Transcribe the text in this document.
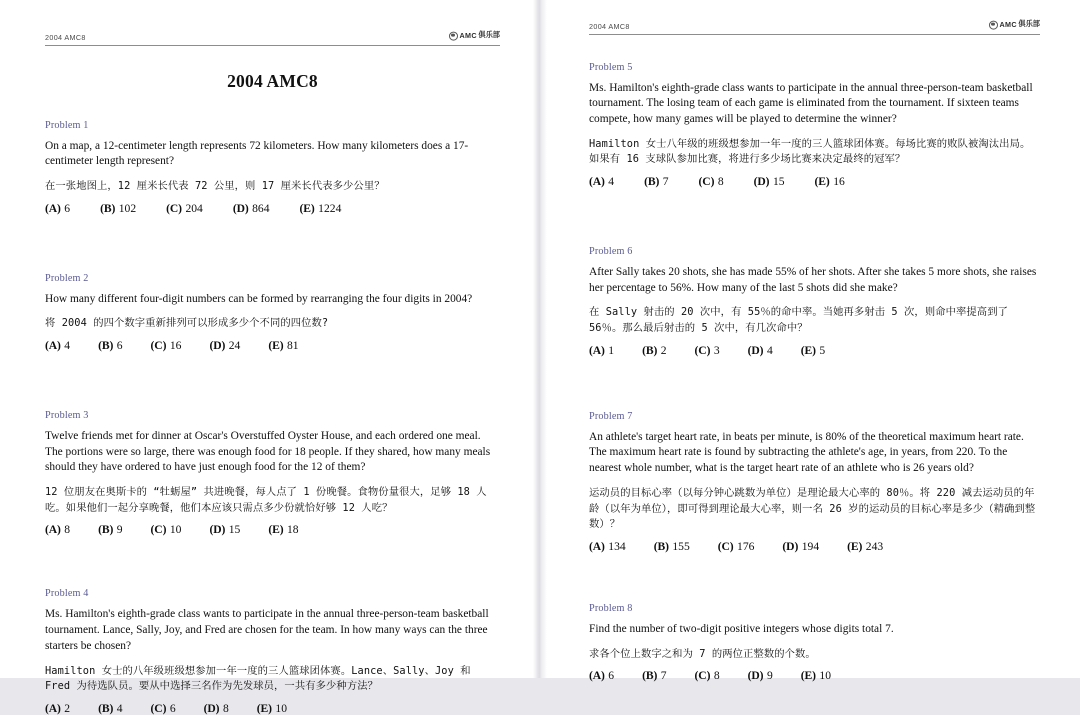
2004 AMC8	AMC 俱乐部
2004 AMC8
Problem 1

On a map, a 12-centimeter length represents 72 kilometers. How many kilometers does a 17-centimeter length represent?

在一张地图上，12 厘米长代表 72 公里，则 17 厘米长代表多少公里？

(A) 6	(B) 102	(C) 204	(D) 864	(E) 1224

Problem 2

How many different four-digit numbers can be formed by rearranging the four digits in 2004?

将 2004 的四个数字重新排列可以形成多少个不同的四位数?

(A) 4 (B) 6 (C) 16 (D) 24 (E) 81

Problem 3

Twelve friends met for dinner at Oscar's Overstuffed Oyster House, and each ordered one meal. The portions were so large, there was enough food for 18 people. If they shared, how many meals should they have ordered to have just enough food for the 12 of them?

12 位朋友在奥斯卡的 “牡蛎屋” 共进晚餐，每人点了 1 份晚餐。食物份量很大，足够 18 人吃。如果他们一起分享晚餐，他们本应该只需点多少份就恰好够 12 人吃？

(A) 8 (B) 9 (C) 10 (D) 15 (E) 18

Problem 4

Ms. Hamilton's eighth-grade class wants to participate in the annual three-person-team basketball tournament. Lance, Sally, Joy, and Fred are chosen for the team. In how many ways can the three starters be chosen?

Hamilton 女士的八年级班级想参加一年一度的三人篮球团体赛。Lance、Sally、Joy 和 Fred 为待选队员。要从中选择三名作为先发球员，一共有多少种方法？

(A) 2 (B) 4 (C) 6 (D) 8 (E) 10

2004 AMC8	AMC 俱乐部
Problem 5

Ms. Hamilton's eighth-grade class wants to participate in the annual three-person-team basketball tournament. The losing team of each game is eliminated from the tournament. If sixteen teams compete, how many games will be played to determine the winner?

Hamilton 女士八年级的班级想参加一年一度的三人篮球团体赛。每场比赛的败队被淘汰出局。如果有 16 支球队参加比赛，将进行多少场比赛来决定最终的冠军？

(A) 4	(B) 7	(C) 8	(D) 15	(E) 16

Problem 6

After Sally takes 20 shots, she has made 55% of her shots. After she takes 5 more shots, she raises her percentage to 56%. How many of the last 5 shots did she make?

在 Sally 射击的 20 次中，有 55％的命中率。当她再多射击 5 次，则命中率提高到了 56％。那么最后射击的 5 次中，有几次命中？

(A) 1 (B) 2 (C) 3 (D) 4 (E) 5

Problem 7

An athlete's target heart rate, in beats per minute, is 80% of the theoretical maximum heart rate. The maximum heart rate is found by subtracting the athlete's age, in years, from 220. To the nearest whole number, what is the target heart rate of an athlete who is 26 years old?

运动员的目标心率（以每分钟心跳数为单位）是理论最大心率的 80％。将 220 减去运动员的年龄（以年为单位），即可得到理论最大心率，则一名 26 岁的运动员的目标心率是多少（精确到整数）？

(A) 134 (B) 155 (C) 176 (D) 194 (E) 243

Problem 8

Find the number of two-digit positive integers whose digits total 7.

求各个位上数字之和为 7 的两位正整数的个数。

(A) 6 (B) 7 (C) 8 (D) 9 (E) 10
